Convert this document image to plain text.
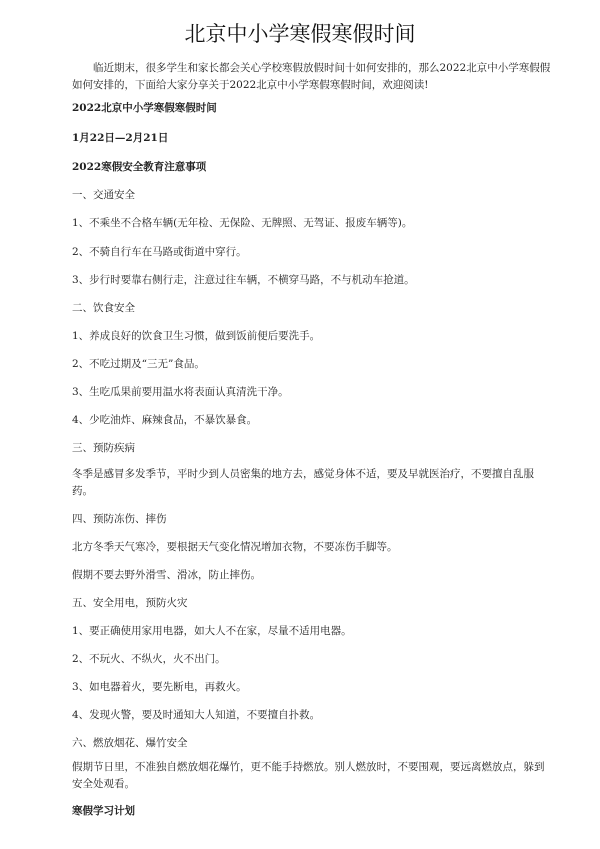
北京中小学寒假寒假时间
临近期末，很多学生和家长都会关心学校寒假放假时间十如何安排的，那么2022北京中小学寒假假如何安排的，下面给大家分享关于2022北京中小学寒假寒假时间，欢迎阅读!
2022北京中小学寒假寒假时间
1月22日—2月21日
2022寒假安全教育注意事项
一、交通安全
1、不乘坐不合格车辆(无年检、无保险、无牌照、无驾证、报废车辆等)。
2、不骑自行车在马路或街道中穿行。
3、步行时要靠右侧行走，注意过往车辆，不横穿马路，不与机动车抢道。
二、饮食安全
1、养成良好的饮食卫生习惯，做到饭前便后要洗手。
2、不吃过期及“三无”食品。
3、生吃瓜果前要用温水将表面认真清洗干净。
4、少吃油炸、麻辣食品，不暴饮暴食。
三、预防疾病
冬季是感冒多发季节，平时少到人员密集的地方去，感觉身体不适，要及早就医治疗，不要擅自乱服药。
四、预防冻伤、摔伤
北方冬季天气寒冷，要根据天气变化情况增加衣物，不要冻伤手脚等。
假期不要去野外滑雪、滑冰，防止摔伤。
五、安全用电，预防火灾
1、要正确使用家用电器，如大人不在家，尽量不适用电器。
2、不玩火、不纵火，火不出门。
3、如电器着火，要先断电，再救火。
4、发现火警，要及时通知大人知道，不要擅自扑救。
六、燃放烟花、爆竹安全
假期节日里，不准独自燃放烟花爆竹，更不能手持燃放。别人燃放时，不要围观，要远离燃放点，躲到安全处观看。
寒假学习计划
